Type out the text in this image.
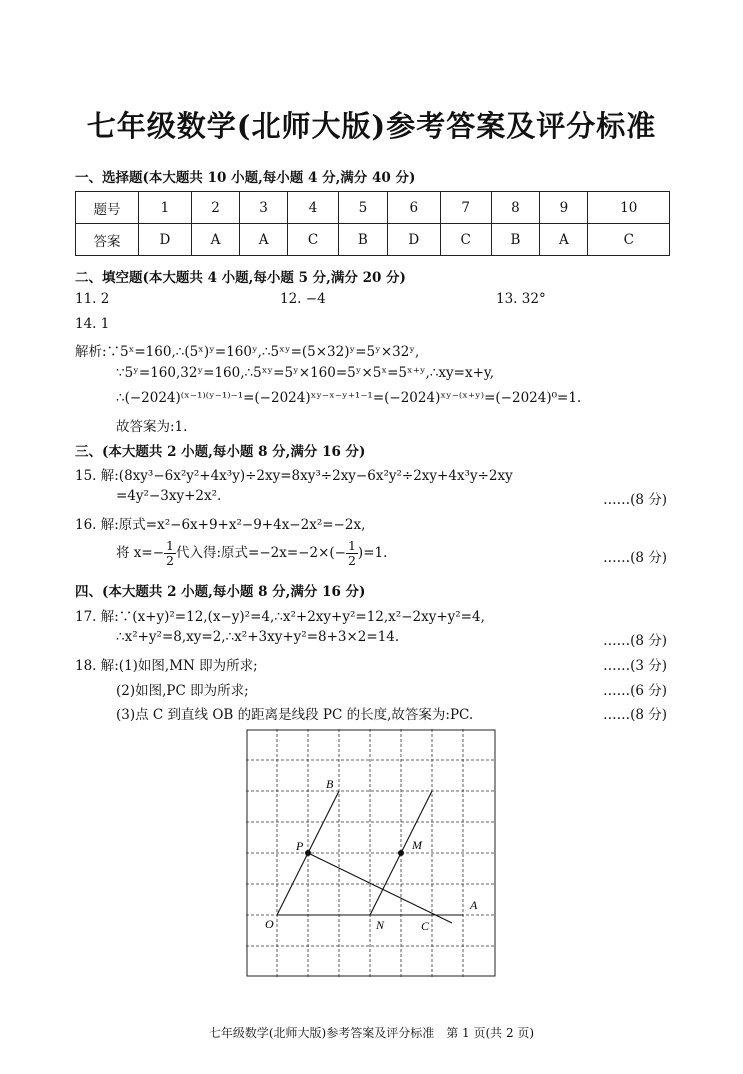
七年级数学(北师大版)参考答案及评分标准
一、选择题(本大题共 10 小题,每小题 4 分,满分 40 分)
题号	1	2	3	4	5	6	7	8	9	10
答案	D	A	A	C	B	D	C	B	A	C
二、填空题(本大题共 4 小题,每小题 5 分,满分 20 分)
11. 2	12. −4	13. 32°
14. 1
解析:∵5ˣ=160,∴(5ˣ)ʸ=160ʸ,∴5ˣʸ=(5×32)ʸ=5ʸ×32ʸ,
∵5ʸ=160,32ʸ=160,∴5ˣʸ=5ʸ×160=5ʸ×5ˣ=5ˣ⁺ʸ,∴xy=x+y,
∴(−2024)⁽ˣ⁻¹⁾⁽ʸ⁻¹⁾⁻¹=(−2024)ˣʸ⁻ˣ⁻ʸ⁺¹⁻¹=(−2024)ˣʸ⁻⁽ˣ⁺ʸ⁾=(−2024)⁰=1.
故答案为:1.
三、(本大题共 2 小题,每小题 8 分,满分 16 分)
15. 解:(8xy³−6x²y²+4x³y)÷2xy=8xy³÷2xy−6x²y²÷2xy+4x³y÷2xy
=4y²−3xy+2x².	……(8 分)
16. 解:原式=x²−6x+9+x²−9+4x−2x²=−2x,
将 $x=- \frac{1}{2}$ 代入得:原式$=-2x=-2\times(- \frac{1}{2} )=1$.	……(8 分)
四、(本大题共 2 小题,每小题 8 分,满分 16 分)
17. 解:∵(x+y)²=12,(x−y)²=4,∴x²+2xy+y²=12,x²−2xy+y²=4,
∴x²+y²=8,xy=2,∴x²+3xy+y²=8+3×2=14.	……(8 分)
18. 解:(1)如图,MN 即为所求;	……(3 分)
(2)如图,PC 即为所求;	……(6 分)
(3)点 C 到直线 OB 的距离是线段 PC 的长度,故答案为:PC.	……(8 分)
B
P	M
O	N	C
A
七年级数学(北师大版)参考答案及评分标准　第 1 页(共 2 页)
